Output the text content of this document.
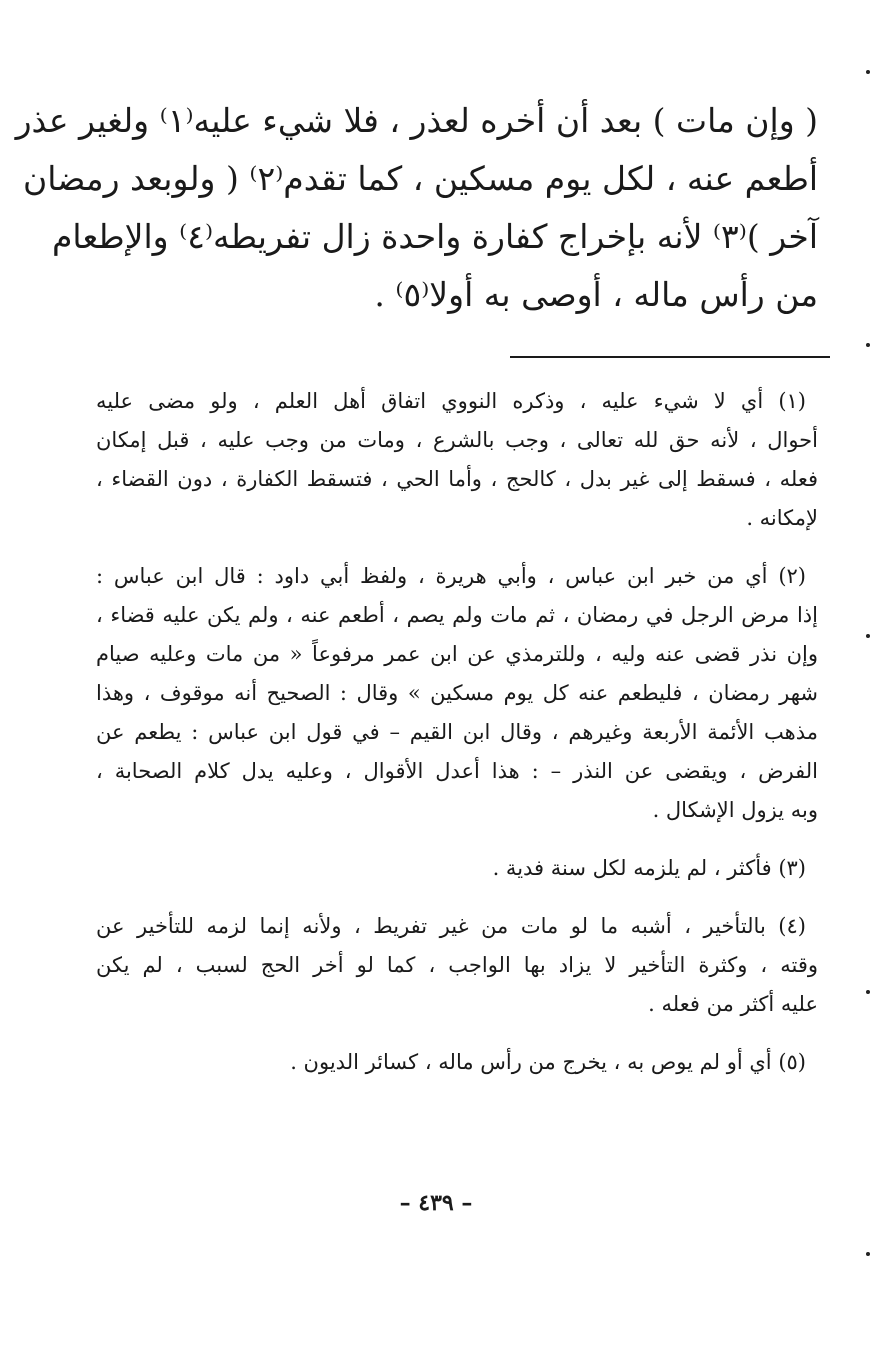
( وإن مات ) بعد أن أخره لعذر ، فلا شيء عليه⁽١⁾ ولغير عذر
أطعم عنه ، لكل يوم مسكين ، كما تقدم⁽٢⁾ ( ولوبعد رمضان
آخر )⁽٣⁾ لأنه بإخراج كفارة واحدة زال تفريطه⁽٤⁾ والإطعام
من رأس ماله ، أوصى به أولا⁽٥⁾ .
(١) أي لا شيء عليه ، وذكره النووي اتفاق أهل العلم ، ولو مضى عليه
أحوال ، لأنه حق لله تعالى ، وجب بالشرع ، ومات من وجب عليه ، قبل إمكان
فعله ، فسقط إلى غير بدل ، كالحج ، وأما الحي ، فتسقط الكفارة ، دون القضاء ،
لإمكانه .
(٢) أي من خبر ابن عباس ، وأبي هريرة ، ولفظ أبي داود : قال ابن عباس :
إذا مرض الرجل في رمضان ، ثم مات ولم يصم ، أطعم عنه ، ولم يكن عليه قضاء ،
وإن نذر قضى عنه وليه ، وللترمذي عن ابن عمر مرفوعاً « من مات وعليه صيام
شهر رمضان ، فليطعم عنه كل يوم مسكين » وقال : الصحيح أنه موقوف ، وهذا
مذهب الأئمة الأربعة وغيرهم ، وقال ابن القيم – في قول ابن عباس : يطعم عن
الفرض ، ويقضى عن النذر – : هذا أعدل الأقوال ، وعليه يدل كلام الصحابة ،
وبه يزول الإشكال .
(٣) فأكثر ، لم يلزمه لكل سنة فدية .
(٤) بالتأخير ، أشبه ما لو مات من غير تفريط ، ولأنه إنما لزمه للتأخير عن
وقته ، وكثرة التأخير لا يزاد بها الواجب ، كما لو أخر الحج لسبب ، لم يكن
عليه أكثر من فعله .
(٥) أي أو لم يوص به ، يخرج من رأس ماله ، كسائر الديون .
– ٤٣٩ –
